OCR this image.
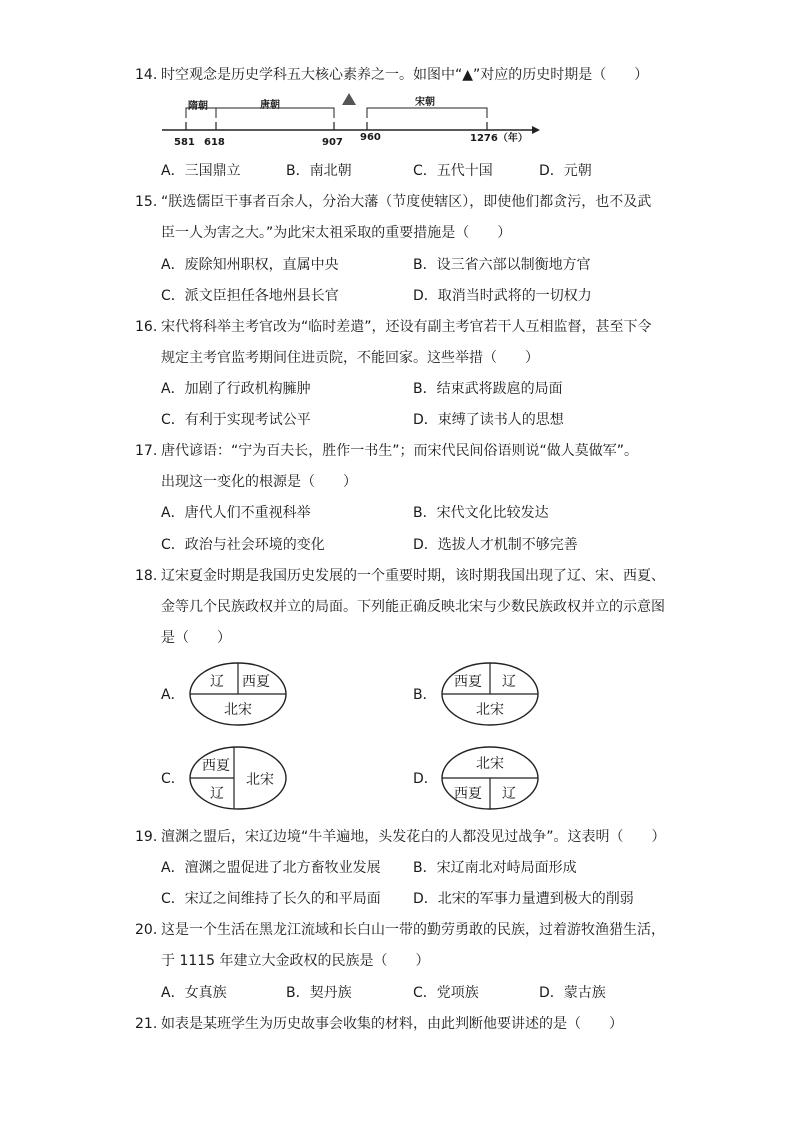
14. 时空观念是历史学科五大核心素养之一。如图中“▲”对应的历史时期是（　　）
隋朝	唐朝	宋朝
581 618	907 960	1276（年）
A．三国鼎立	B．南北朝	C．五代十国	D．元朝
15. “朕选儒臣干事者百余人，分治大藩（节度使辖区），即使他们都贪污，也不及武
臣一人为害之大。”为此宋太祖采取的重要措施是（　　）
A．废除知州职权，直属中央	B．设三省六部以制衡地方官
C．派文臣担任各地州县长官	D．取消当时武将的一切权力
16. 宋代将科举主考官改为“临时差遣”，还设有副主考官若干人互相监督，甚至下令
规定主考官监考期间住进贡院，不能回家。这些举措（　　）
A．加剧了行政机构臃肿	B．结束武将跋扈的局面
C．有利于实现考试公平	D．束缚了读书人的思想
17. 唐代谚语：“宁为百夫长，胜作一书生”；而宋代民间俗语则说“做人莫做军”。
出现这一变化的根源是（　　）
A．唐代人们不重视科举	B．宋代文化比较发达
C．政治与社会环境的变化	D．选拔人才机制不够完善
18. 辽宋夏金时期是我国历史发展的一个重要时期，该时期我国出现了辽、宋、西夏、
金等几个民族政权并立的局面。下列能正确反映北宋与少数民族政权并立的示意图
是（　　）
A．
辽 西夏
北宋
B．
西夏 辽
北宋
C．
西夏
辽
北宋	D．
北宋
西夏 辽
19. 澶渊之盟后，宋辽边境“牛羊遍地，头发花白的人都没见过战争”。这表明（　　）
A．澶渊之盟促进了北方畜牧业发展 B．宋辽南北对峙局面形成
C．宋辽之间维持了长久的和平局面 D．北宋的军事力量遭到极大的削弱
20. 这是一个生活在黑龙江流域和长白山一带的勤劳勇敢的民族，过着游牧渔猎生活，
于 1115 年建立大金政权的民族是（　　）
A．女真族	B．契丹族	C．党项族	D．蒙古族
21. 如表是某班学生为历史故事会收集的材料，由此判断他要讲述的是（　　）
